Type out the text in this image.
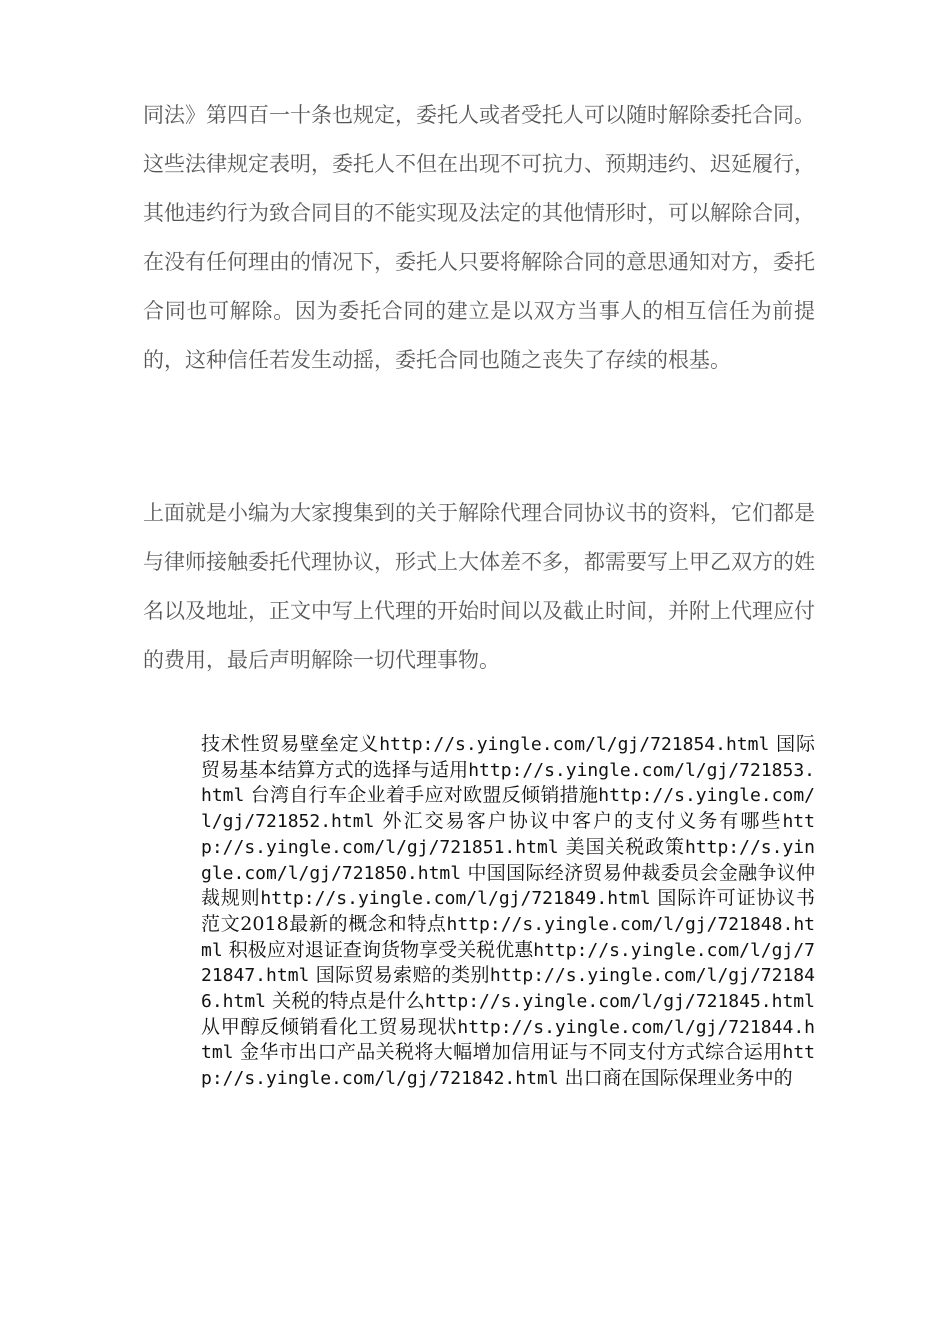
同法》第四百一十条也规定，委托人或者受托人可以随时解除委托合同。这些法律规定表明，委托人不但在出现不可抗力、预期违约、迟延履行，其他违约行为致合同目的不能实现及法定的其他情形时，可以解除合同，在没有任何理由的情况下，委托人只要将解除合同的意思通知对方，委托合同也可解除。因为委托合同的建立是以双方当事人的相互信任为前提的，这种信任若发生动摇，委托合同也随之丧失了存续的根基。

上面就是小编为大家搜集到的关于解除代理合同协议书的资料，它们都是与律师接触委托代理协议，形式上大体差不多，都需要写上甲乙双方的姓名以及地址，正文中写上代理的开始时间以及截止时间，并附上代理应付的费用，最后声明解除一切代理事物。

技术性贸易壁垒定义http://s.yingle.com/l/gj/721854.html 国际贸易基本结算方式的选择与适用http://s.yingle.com/l/gj/721853.html 台湾自行车企业着手应对欧盟反倾销措施http://s.yingle.com/l/gj/721852.html 外汇交易客户协议中客户的支付义务有哪些http://s.yingle.com/l/gj/721851.html 美国关税政策http://s.yingle.com/l/gj/721850.html 中国国际经济贸易仲裁委员会金融争议仲裁规则http://s.yingle.com/l/gj/721849.html 国际许可证协议书范文2018最新的概念和特点http://s.yingle.com/l/gj/721848.html 积极应对退证查询货物享受关税优惠http://s.yingle.com/l/gj/721847.html 国际贸易索赔的类别http://s.yingle.com/l/gj/721846.html 关税的特点是什么http://s.yingle.com/l/gj/721845.html 从甲醇反倾销看化工贸易现状http://s.yingle.com/l/gj/721844.html 金华市出口产品关税将大幅增加信用证与不同支付方式综合运用http://s.yingle.com/l/gj/721842.html 出口商在国际保理业务中的
